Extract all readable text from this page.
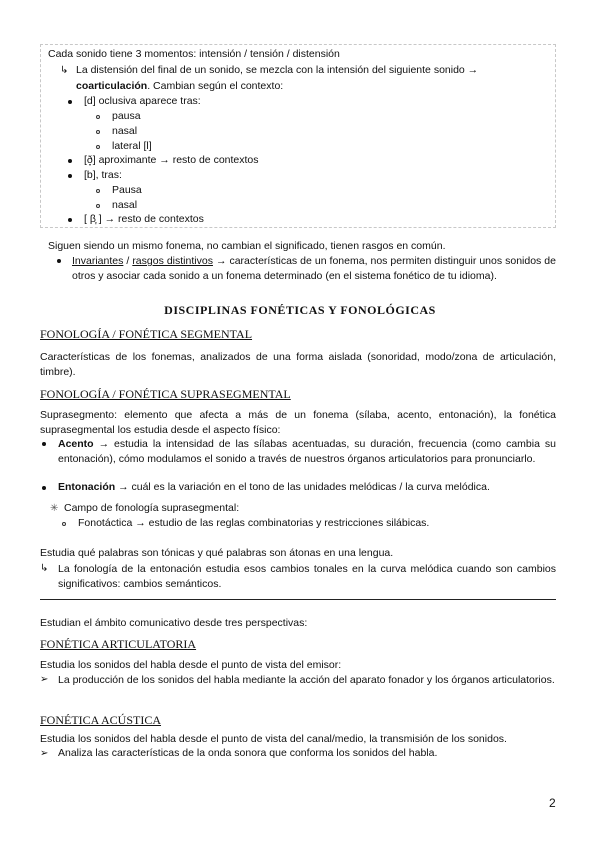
Cada sonido tiene 3 momentos: intensión / tensión / distensión
↳ La distensión del final de un sonido, se mezcla con la intensión del siguiente sonido →
coarticulación. Cambian según el contexto:
[d] oclusiva aparece tras:
pausa
nasal
lateral [l]
[ð̞] aproximante → resto de contextos
[b], tras:
Pausa
nasal
[ β̞ ] → resto de contextos
Siguen siendo un mismo fonema, no cambian el significado, tienen rasgos en común.
Invariantes / rasgos distintivos → características de un fonema, nos permiten distinguir unos sonidos de otros y asociar cada sonido a un fonema determinado (en el sistema fonético de tu idioma).
DISCIPLINAS FONÉTICAS Y FONOLÓGICAS
FONOLOGÍA / FONÉTICA SEGMENTAL
Características de los fonemas, analizados de una forma aislada (sonoridad, modo/zona de articulación, timbre).
FONOLOGÍA / FONÉTICA SUPRASEGMENTAL
Suprasegmento: elemento que afecta a más de un fonema (sílaba, acento, entonación), la fonética suprasegmental los estudia desde el aspecto físico:
Acento → estudia la intensidad de las sílabas acentuadas, su duración, frecuencia (como cambia su entonación), cómo modulamos el sonido a través de nuestros órganos articulatorios para pronunciarlo.
Entonación → cuál es la variación en el tono de las unidades melódicas / la curva melódica.
✳ Campo de fonología suprasegmental:
Fonotáctica → estudio de las reglas combinatorias y restricciones silábicas.
Estudia qué palabras son tónicas y qué palabras son átonas en una lengua.
↳ La fonología de la entonación estudia esos cambios tonales en la curva melódica cuando son cambios significativos: cambios semánticos.
Estudian el ámbito comunicativo desde tres perspectivas:
FONÉTICA ARTICULATORIA
Estudia los sonidos del habla desde el punto de vista del emisor:
➢ La producción de los sonidos del habla mediante la acción del aparato fonador y los órganos articulatorios.
FONÉTICA ACÚSTICA
Estudia los sonidos del habla desde el punto de vista del canal/medio, la transmisión de los sonidos.
➢ Analiza las características de la onda sonora que conforma los sonidos del habla.
2
